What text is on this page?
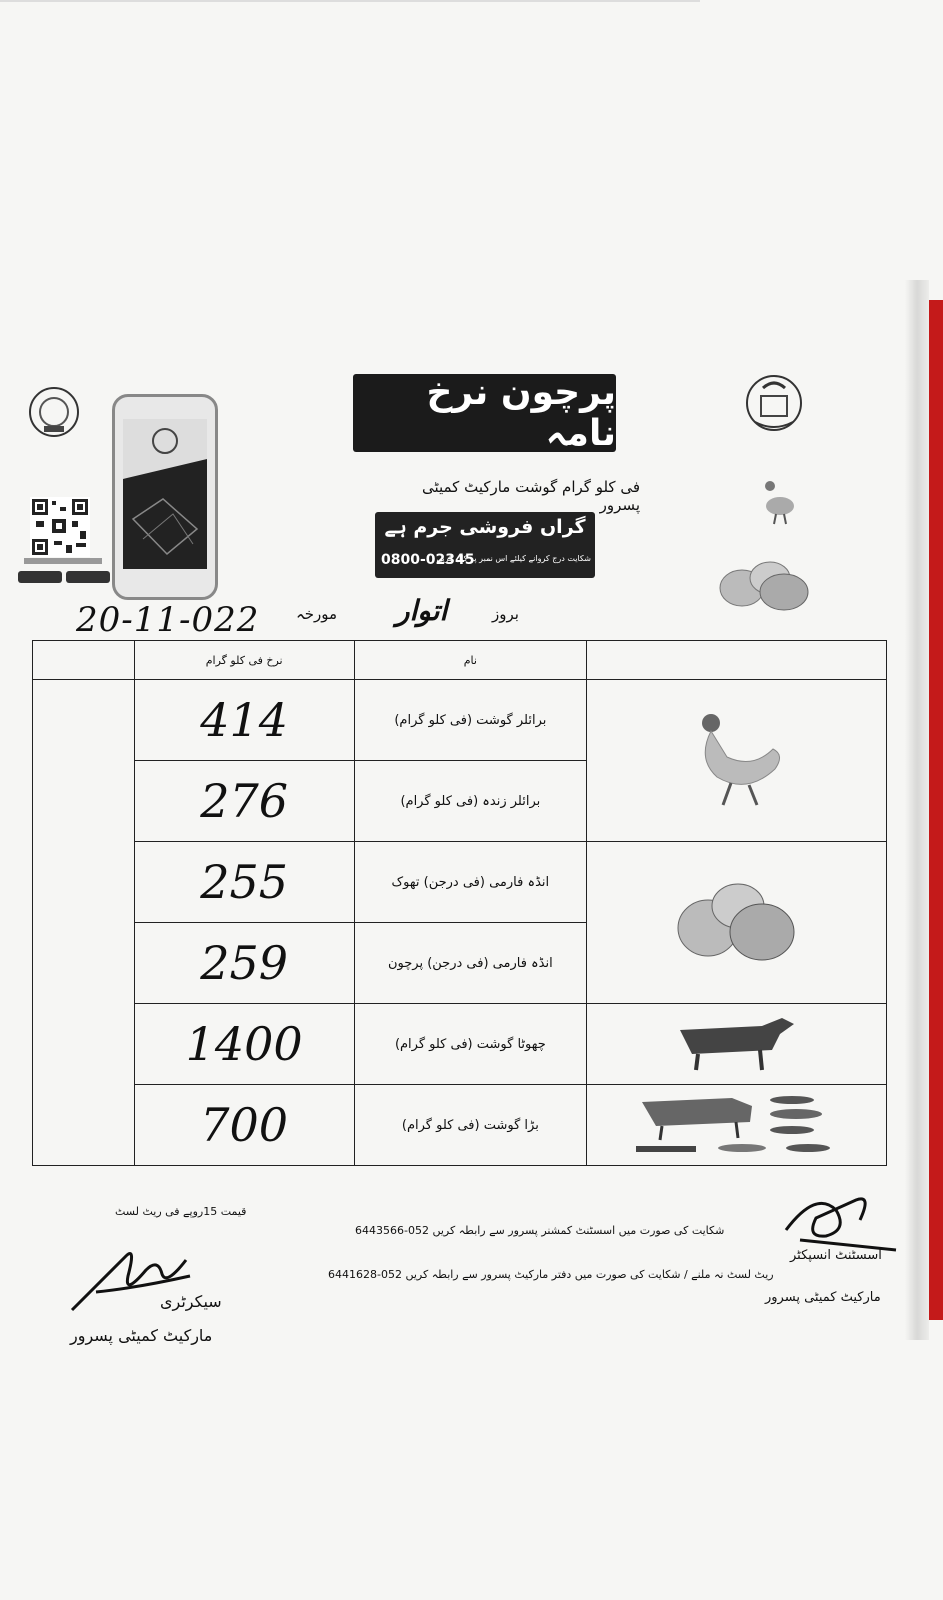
پرچون نرخ نامہ
فی کلو گرام گوشت مارکیٹ کمیٹی پسرور
گراں فروشی جرم ہے
شکایت درج کروانے کیلئے اس نمبر پر کال کریں
0800-02345
20-11-022 مورخہ اتوار	بروز
	نرخ فی کلو گرام	نام	
	414	برائلر گوشت (فی کلو گرام)	
	276	برائلر زندہ (فی کلو گرام)	
	255	انڈہ فارمی (فی درجن) تھوک	
	259	انڈہ فارمی (فی درجن) پرچون	
	1400	چھوٹا گوشت (فی کلو گرام)	
	700	بڑا گوشت (فی کلو گرام)	
قیمت 15روپے فی ریٹ لسٹ
شکایت کی صورت میں اسسٹنٹ کمشنر پسرور سے رابطہ کریں 052-6443566
ریٹ لسٹ نہ ملنے / شکایت کی صورت میں دفتر مارکیٹ پسرور سے رابطہ کریں 052-6441628
سیکرٹری
مارکیٹ کمیٹی پسرور
اسسٹنٹ انسپکٹر
مارکیٹ کمیٹی پسرور
